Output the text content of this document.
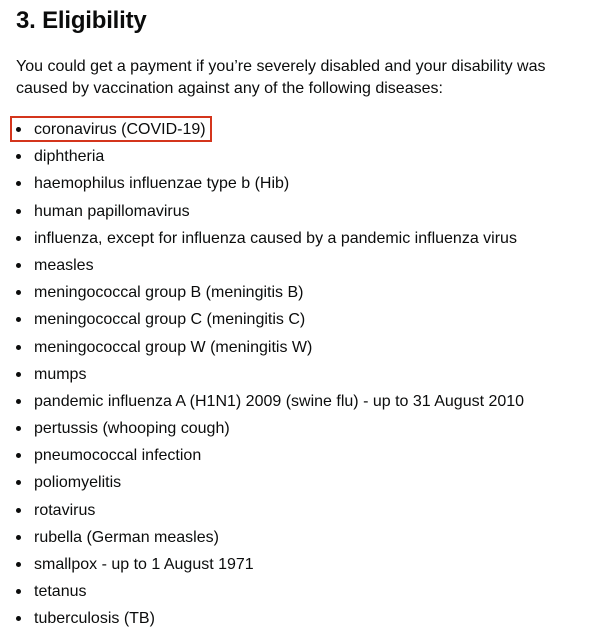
3. Eligibility

You could get a payment if you’re severely disabled and your disability was caused by vaccination against any of the following diseases:

coronavirus (COVID-19)
diphtheria
haemophilus influenzae type b (Hib)
human papillomavirus
influenza, except for influenza caused by a pandemic influenza virus
measles
meningococcal group B (meningitis B)
meningococcal group C (meningitis C)
meningococcal group W (meningitis W)
mumps
pandemic influenza A (H1N1) 2009 (swine flu) - up to 31 August 2010
pertussis (whooping cough)
pneumococcal infection
poliomyelitis
rotavirus
rubella (German measles)
smallpox - up to 1 August 1971
tetanus
tuberculosis (TB)
